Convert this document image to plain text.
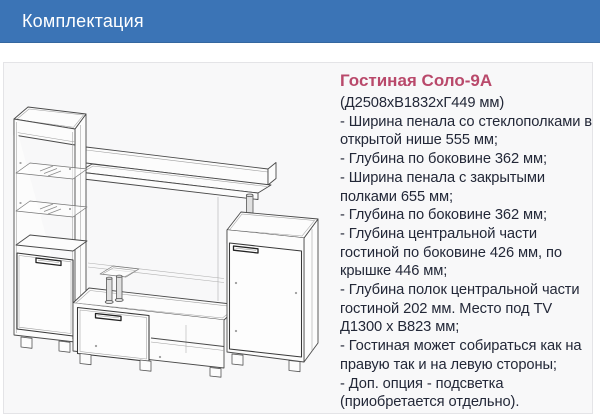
Комплектация
Гостиная Соло-9А

(Д2508хВ1832хГ449 мм)

- Ширина пенала со стеклополками в открытой нише 555 мм;

- Глубина по боковине 362 мм;

- Ширина пенала с закрытыми полками 655 мм;

- Глубина по боковине 362 мм;

- Глубина центральной части гостиной по боковине 426 мм, по крышке 446 мм;

- Глубина полок центральной части гостиной 202 мм. Место под TV Д1300 х В823 мм;

- Гостиная может собираться как на правую так и на левую стороны;

- Доп. опция - подсветка (приобретается отдельно).
